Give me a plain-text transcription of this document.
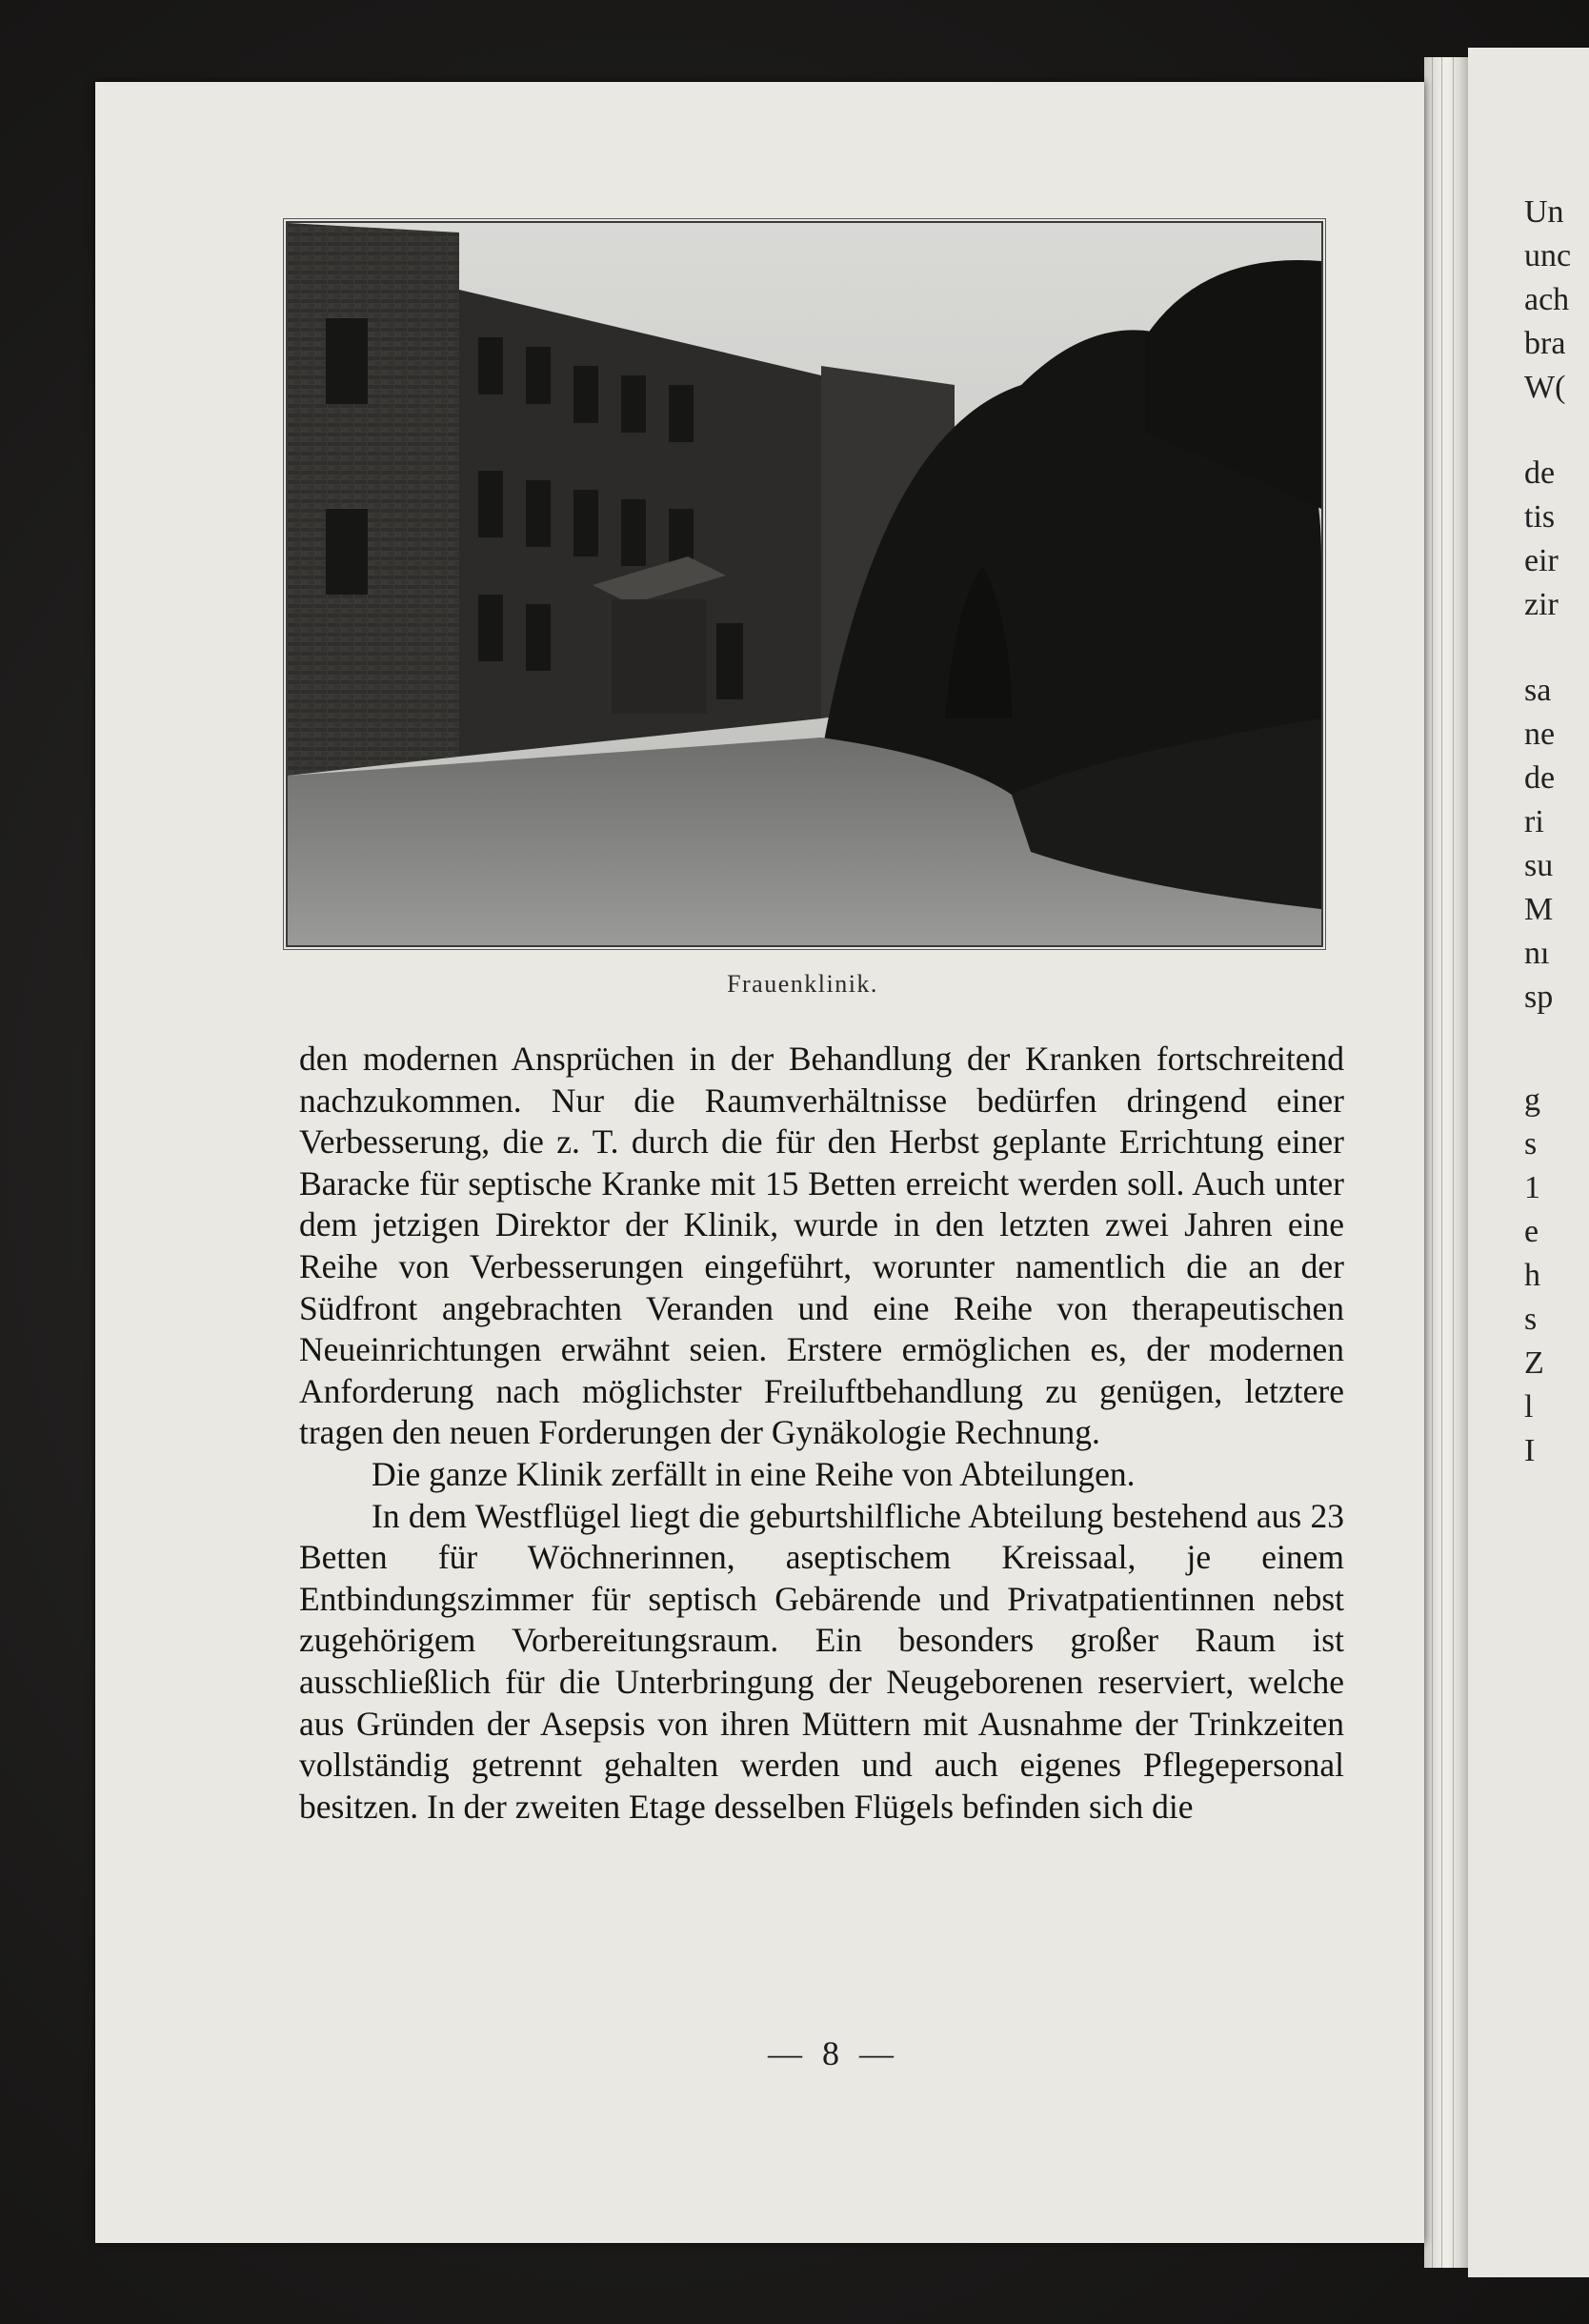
Un
unc
ach
bra
W(
de
tis
eir
zir
sa
ne
de
ri
su
M
nı
sp
g
s
1
e
h
s
Z
l
I
Frauenklinik.

den modernen Ansprüchen in der Behandlung der Kranken fortschreitend nachzukommen. Nur die Raumverhältnisse bedürfen dringend einer Verbesserung, die z. T. durch die für den Herbst geplante Errichtung einer Baracke für septische Kranke mit 15 Betten erreicht werden soll. Auch unter dem jetzigen Direktor der Klinik, wurde in den letzten zwei Jahren eine Reihe von Verbesserungen eingeführt, worunter namentlich die an der Südfront angebrachten Veranden und eine Reihe von therapeutischen Neueinrichtungen erwähnt seien. Erstere ermöglichen es, der modernen Anforderung nach möglichster Freiluftbehandlung zu genügen, letztere tragen den neuen Forderungen der Gynäkologie Rechnung.

Die ganze Klinik zerfällt in eine Reihe von Abteilungen.

In dem Westflügel liegt die geburtshilfliche Abteilung bestehend aus 23 Betten für Wöchnerinnen, aseptischem Kreissaal, je einem Entbindungszimmer für septisch Gebärende und Privatpatientinnen nebst zugehörigem Vorbereitungsraum. Ein besonders großer Raum ist ausschließlich für die Unterbringung der Neugeborenen reserviert, welche aus Gründen der Asepsis von ihren Müttern mit Ausnahme der Trinkzeiten vollständig getrennt gehalten werden und auch eigenes Pflegepersonal besitzen. In der zweiten Etage desselben Flügels befinden sich die

— 8 —
